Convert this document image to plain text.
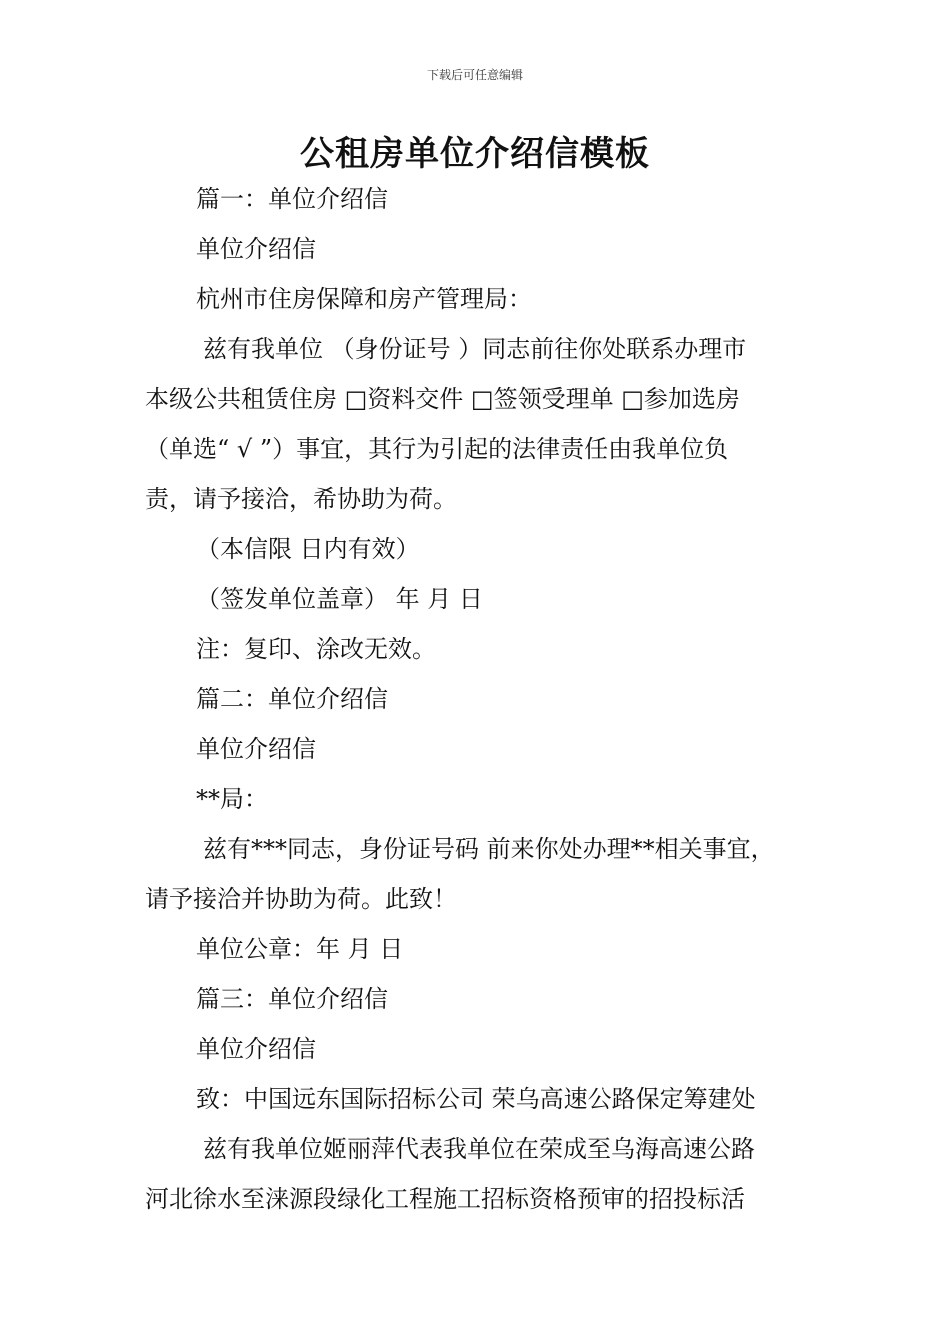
下载后可任意编辑
公租房单位介绍信模板
篇一：单位介绍信
单位介绍信
杭州市住房保障和房产管理局：
兹有我单位 （身份证号 ）同志前往你处联系办理市
本级公共租赁住房 □资料交件 □签领受理单 □参加选房
（单选“ √ ”）事宜，其行为引起的法律责任由我单位负
责，请予接洽，希协助为荷。
（本信限 日内有效）
（签发单位盖章） 年 月 日
注：复印、涂改无效。
篇二：单位介绍信
单位介绍信
**局：
兹有***同志，身份证号码 前来你处办理**相关事宜，
请予接洽并协助为荷。此致！
单位公章：年 月 日
篇三：单位介绍信
单位介绍信
致：中国远东国际招标公司 荣乌高速公路保定筹建处
兹有我单位姬丽萍代表我单位在荣成至乌海高速公路
河北徐水至涞源段绿化工程施工招标资格预审的招投标活
